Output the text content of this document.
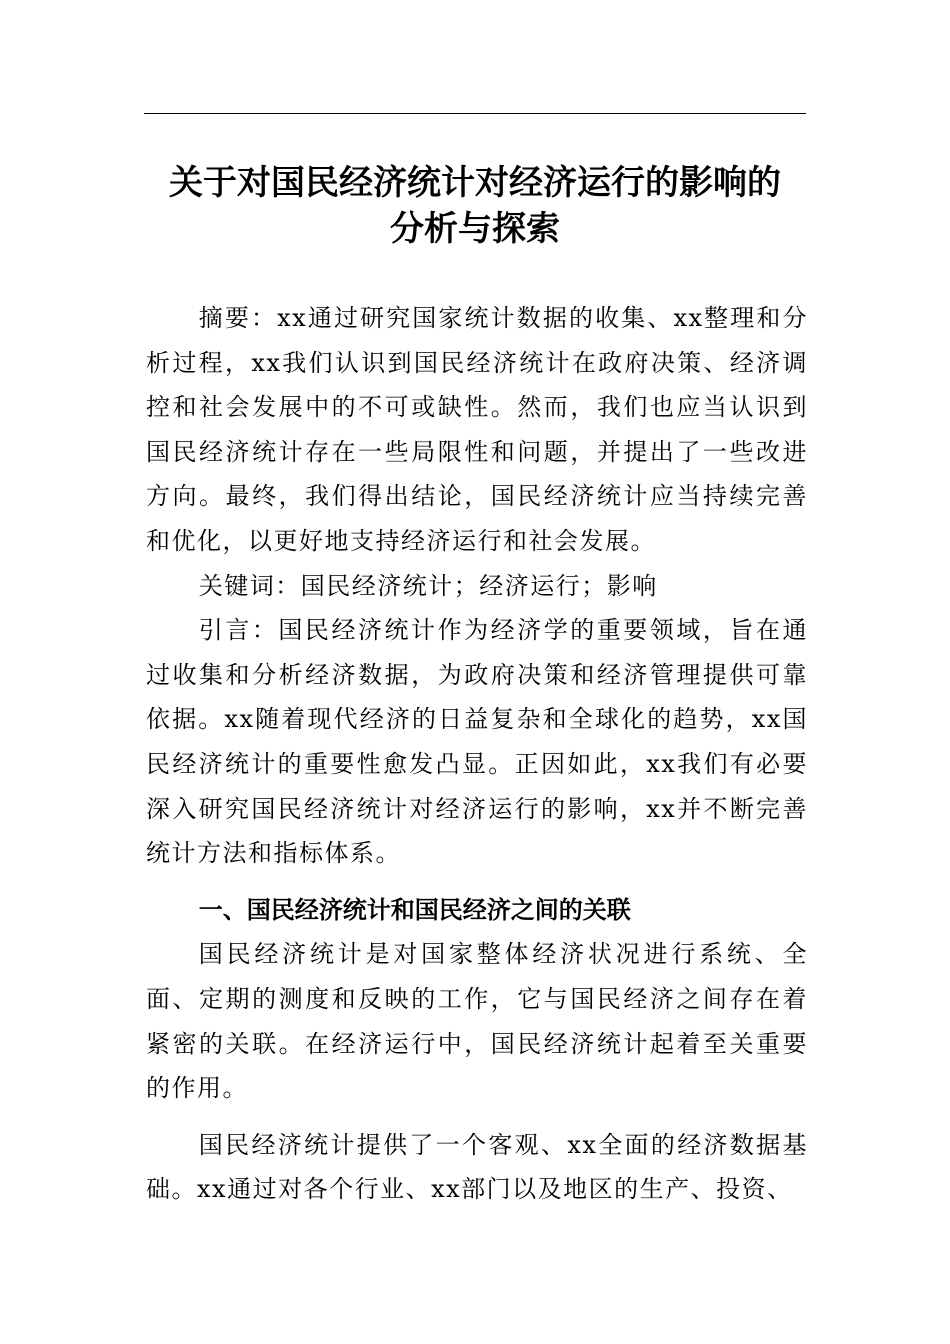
关于对国民经济统计对经济运行的影响的
分析与探索

摘要：xx通过研究国家统计数据的收集、xx整理和分析过程，xx我们认识到国民经济统计在政府决策、经济调控和社会发展中的不可或缺性。然而，我们也应当认识到国民经济统计存在一些局限性和问题，并提出了一些改进方向。最终，我们得出结论，国民经济统计应当持续完善和优化，以更好地支持经济运行和社会发展。

关键词：国民经济统计；经济运行；影响

引言：国民经济统计作为经济学的重要领域，旨在通过收集和分析经济数据，为政府决策和经济管理提供可靠依据。xx随着现代经济的日益复杂和全球化的趋势，xx国民经济统计的重要性愈发凸显。正因如此，xx我们有必要深入研究国民经济统计对经济运行的影响，xx并不断完善统计方法和指标体系。

一、国民经济统计和国民经济之间的关联

国民经济统计是对国家整体经济状况进行系统、全面、定期的测度和反映的工作，它与国民经济之间存在着紧密的关联。在经济运行中，国民经济统计起着至关重要的作用。

国民经济统计提供了一个客观、xx全面的经济数据基础。xx通过对各个行业、xx部门以及地区的生产、投资、
